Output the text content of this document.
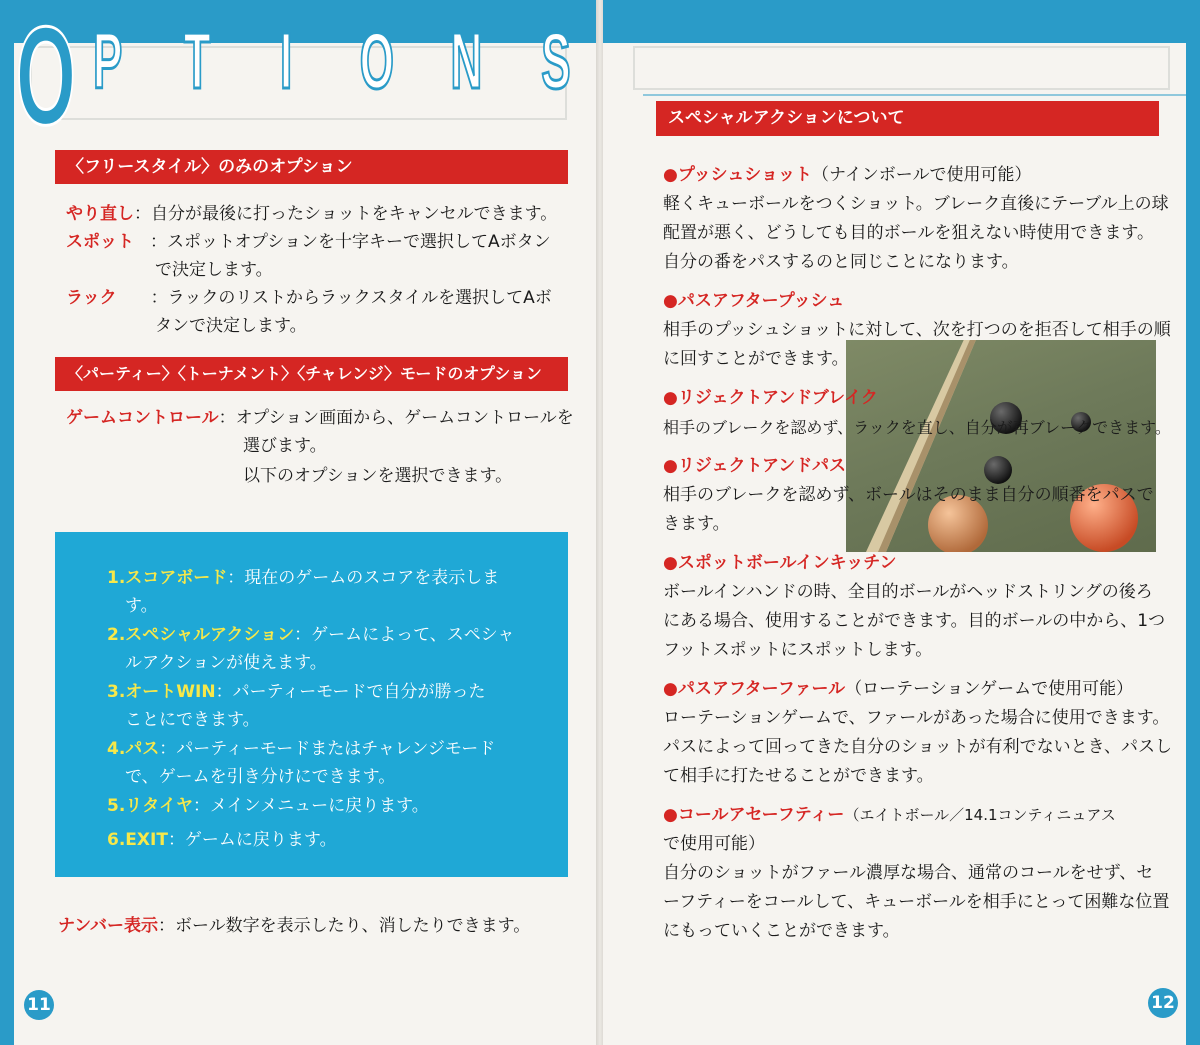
O P T I O N S
〈フリースタイル〉のみのオプション
やり直し：自分が最後に打ったショットをキャンセルできます。
スポット ：スポットオプションを十字キーで選択してAボタン
で決定します。
ラック ：ラックのリストからラックスタイルを選択してAボ
タンで決定します。
〈パーティー〉〈トーナメント〉〈チャレンジ〉モードのオプション
ゲームコントロール：オプション画面から、ゲームコントロールを
選びます。
以下のオプションを選択できます。
1.スコアボード：現在のゲームのスコアを表示しま
す。
2.スペシャルアクション：ゲームによって、スペシャ
ルアクションが使えます。
3.オートWIN：パーティーモードで自分が勝った
ことにできます。
4.パス：パーティーモードまたはチャレンジモード
で、ゲームを引き分けにできます。
5.リタイヤ：メインメニューに戻ります。
6.EXIT：ゲームに戻ります。
ナンバー表示：ボール数字を表示したり、消したりできます。
11
スペシャルアクションについて
●プッシュショット（ナインボールで使用可能）
軽くキューボールをつくショット。ブレーク直後にテーブル上の球
配置が悪く、どうしても目的ボールを狙えない時使用できます。
自分の番をパスするのと同じことになります。
●パスアフタープッシュ
相手のプッシュショットに対して、次を打つのを拒否して相手の順
に回すことができます。
●リジェクトアンドブレイク
相手のブレークを認めず、ラックを直し、自分が再ブレークできます。
●リジェクトアンドパス
相手のブレークを認めず、ボールはそのまま自分の順番をパスで
きます。
●スポットボールインキッチン
ボールインハンドの時、全目的ボールがヘッドストリングの後ろ
にある場合、使用することができます。目的ボールの中から、1つ
フットスポットにスポットします。
●パスアフターファール（ローテーションゲームで使用可能）
ローテーションゲームで、ファールがあった場合に使用できます。
パスによって回ってきた自分のショットが有利でないとき、パスし
て相手に打たせることができます。
●コールアセーフティー（エイトボール／14.1コンティニュアス
で使用可能）
自分のショットがファール濃厚な場合、通常のコールをせず、セ
ーフティーをコールして、キューボールを相手にとって困難な位置
にもっていくことができます。
12
